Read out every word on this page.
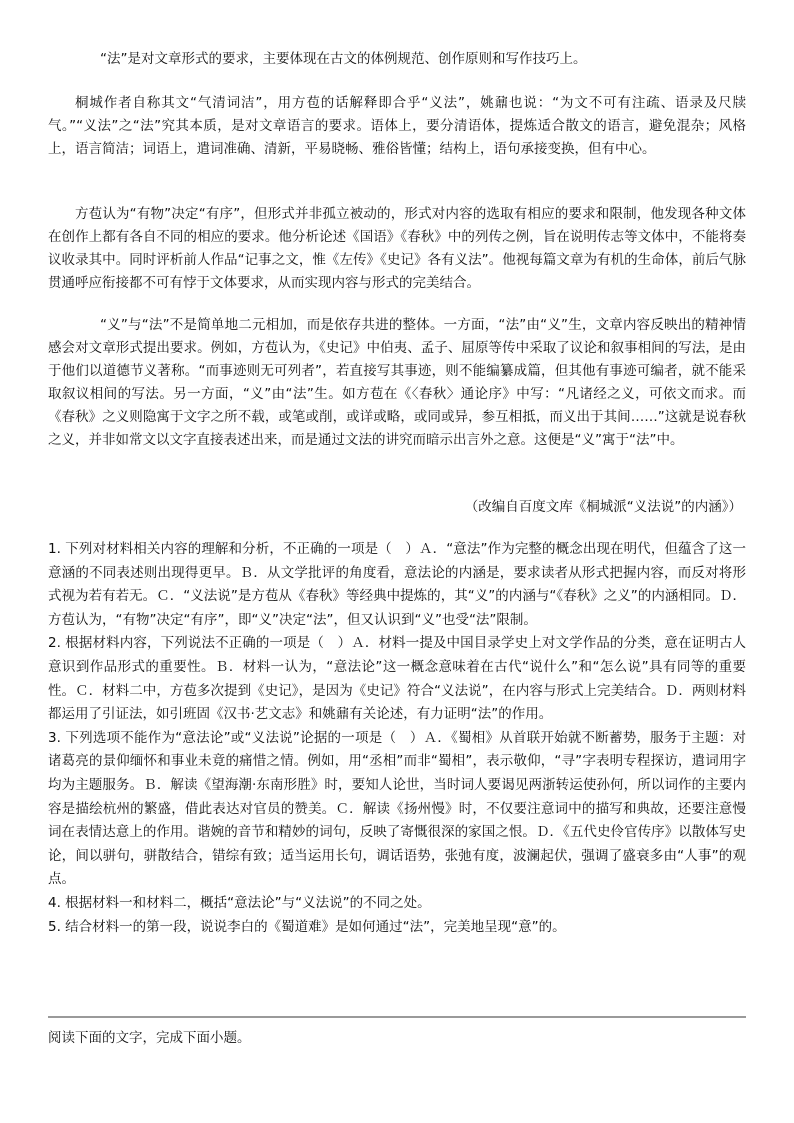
“法”是对文章形式的要求，主要体现在古文的体例规范、创作原则和写作技巧上。

桐城作者自称其文“气清词洁”，用方苞的话解释即合乎“义法”，姚鼐也说：“为文不可有注疏、语录及尺牍气。”“义法”之“法”究其本质，是对文章语言的要求。语体上，要分清语体，提炼适合散文的语言，避免混杂；风格上，语言简洁；词语上，遣词准确、清新，平易晓畅、雅俗皆懂；结构上，语句承接变换，但有中心。

方苞认为“有物”决定“有序”，但形式并非孤立被动的，形式对内容的选取有相应的要求和限制，他发现各种文体在创作上都有各自不同的相应的要求。他分析论述《国语》《春秋》中的列传之例，旨在说明传志等文体中，不能将奏议收录其中。同时评析前人作品“记事之文，惟《左传》《史记》各有义法”。他视每篇文章为有机的生命体，前后气脉贯通呼应衔接都不可有悖于文体要求，从而实现内容与形式的完美结合。

“义”与“法”不是简单地二元相加，而是依存共进的整体。一方面，“法”由“义”生，文章内容反映出的精神情感会对文章形式提出要求。例如，方苞认为，《史记》中伯夷、孟子、屈原等传中采取了议论和叙事相间的写法，是由于他们以道德节义著称。“而事迹则无可列者”，若直接写其事迹，则不能编纂成篇，但其他有事迹可编者，就不能采取叙议相间的写法。另一方面，“义”由“法”生。如方苞在《〈春秋〉通论序》中写：“凡诸经之义，可依文而求。而《春秋》之义则隐寓于文字之所不载，或笔或削，或详或略，或同或异，参互相抵，而义出于其间……”这就是说春秋之义，并非如常文以文字直接表述出来，而是通过文法的讲究而暗示出言外之意。这便是“义”寓于“法”中。

（改编自百度文库《桐城派“义法说”的内涵》）

1. 下列对材料相关内容的理解和分析，不正确的一项是（　）Ａ．“意法”作为完整的概念出现在明代，但蕴含了这一意涵的不同表述则出现得更早。Ｂ．从文学批评的角度看，意法论的内涵是，要求读者从形式把握内容，而反对将形式视为若有若无。Ｃ．“义法说”是方苞从《春秋》等经典中提炼的，其“义”的内涵与“《春秋》之义”的内涵相同。Ｄ．方苞认为，“有物”决定“有序”，即“义”决定“法”，但又认识到“义”也受“法”限制。
2. 根据材料内容，下列说法不正确的一项是（　）Ａ．材料一提及中国目录学史上对文学作品的分类，意在证明古人意识到作品形式的重要性。Ｂ．材料一认为，“意法论”这一概念意味着在古代“说什么”和“怎么说”具有同等的重要性。Ｃ．材料二中，方苞多次提到《史记》，是因为《史记》符合“义法说”，在内容与形式上完美结合。Ｄ．两则材料都运用了引证法，如引班固《汉书·艺文志》和姚鼐有关论述，有力证明“法”的作用。
3. 下列选项不能作为“意法论”或“义法说”论据的一项是（　）Ａ．《蜀相》从首联开始就不断蓄势，服务于主题：对诸葛亮的景仰缅怀和事业未竟的痛惜之情。例如，用“丞相”而非“蜀相”，表示敬仰，“寻”字表明专程探访，遣词用字均为主题服务。Ｂ．解读《望海潮·东南形胜》时，要知人论世，当时词人要谒见两浙转运使孙何，所以词作的主要内容是描绘杭州的繁盛，借此表达对官员的赞美。Ｃ．解读《扬州慢》时，不仅要注意词中的描写和典故，还要注意慢词在表情达意上的作用。谐婉的音节和精妙的词句，反映了寄慨很深的家国之恨。Ｄ．《五代史伶官传序》以散体写史论，间以骈句，骈散结合，错综有致；适当运用长句，调话语势，张弛有度，波澜起伏，强调了盛衰多由“人事”的观点。
4. 根据材料一和材料二，概括“意法论”与“义法说”的不同之处。
5. 结合材料一的第一段，说说李白的《蜀道难》是如何通过“法”，完美地呈现“意”的。

阅读下面的文字，完成下面小题。
